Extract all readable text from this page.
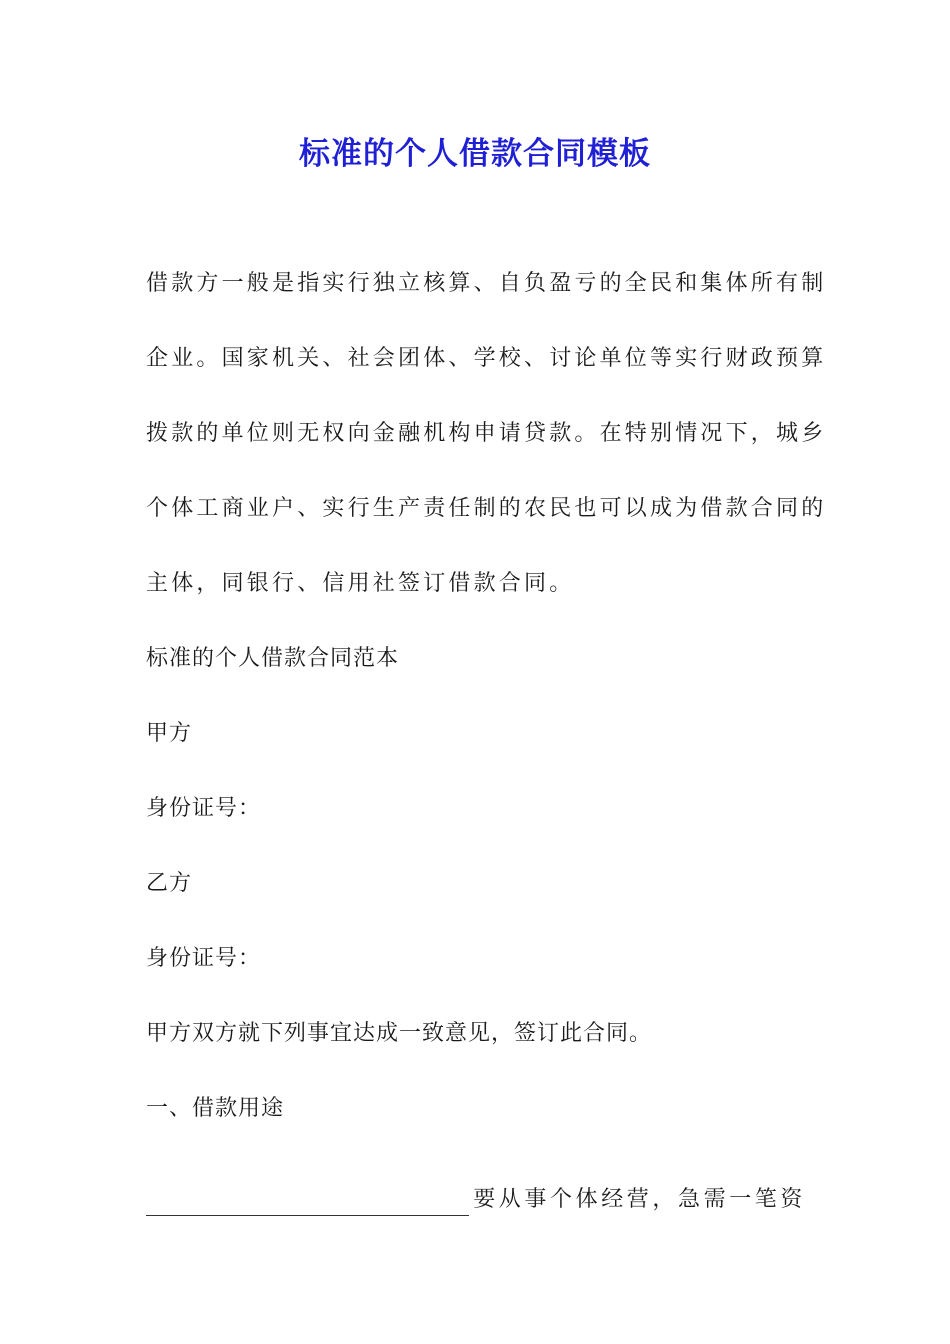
标准的个人借款合同模板

借款方一般是指实行独立核算、自负盈亏的全民和集体所有制

企业。国家机关、社会团体、学校、讨论单位等实行财政预算

拨款的单位则无权向金融机构申请贷款。在特别情况下，城乡

个体工商业户、实行生产责任制的农民也可以成为借款合同的

主体，同银行、信用社签订借款合同。

标准的个人借款合同范本

甲方

身份证号：

乙方

身份证号：

甲方双方就下列事宜达成一致意见，签订此合同。

一、借款用途

要从事个体经营，急需一笔资
